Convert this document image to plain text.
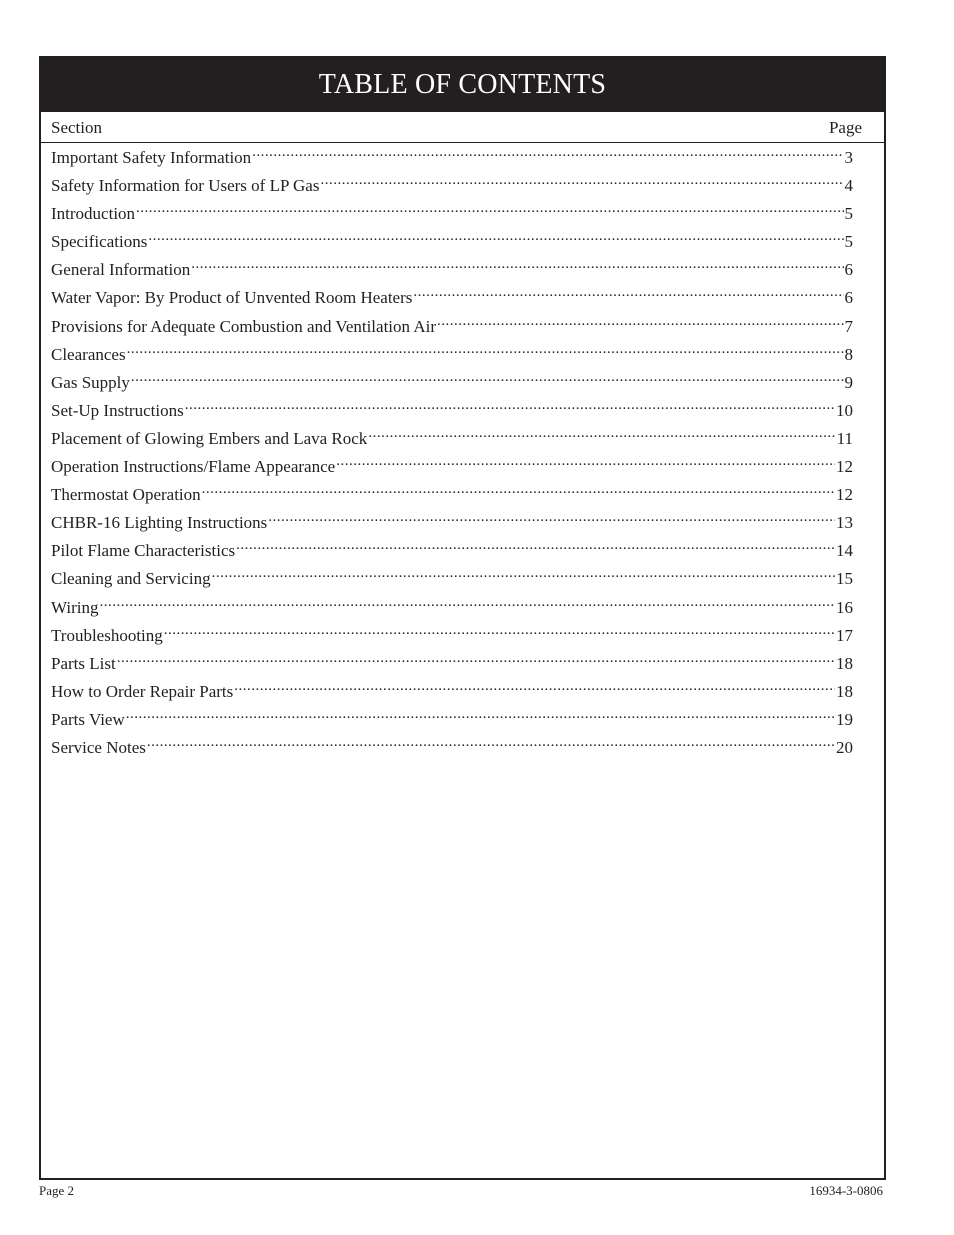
TABLE OF CONTENTS
Section	Page
Important Safety Information .....	3
Safety Information for Users of LP Gas .....	4
Introduction .....	5
Specifications .....	5
General Information .....	6
Water Vapor: By Product of Unvented Room Heaters .....	6
Provisions for Adequate Combustion and Ventilation Air .....	7
Clearances .....	8
Gas Supply .....	9
Set-Up Instructions .....	10
Placement of Glowing Embers and Lava Rock .....	11
Operation Instructions/Flame Appearance .....	12
Thermostat Operation .....	12
CHBR-16 Lighting Instructions .....	13
Pilot Flame Characteristics .....	14
Cleaning and Servicing .....	15
Wiring .....	16
Troubleshooting .....	17
Parts List .....	18
How to Order Repair Parts .....	18
Parts View .....	19
Service Notes .....	20
Page 2	16934-3-0806
